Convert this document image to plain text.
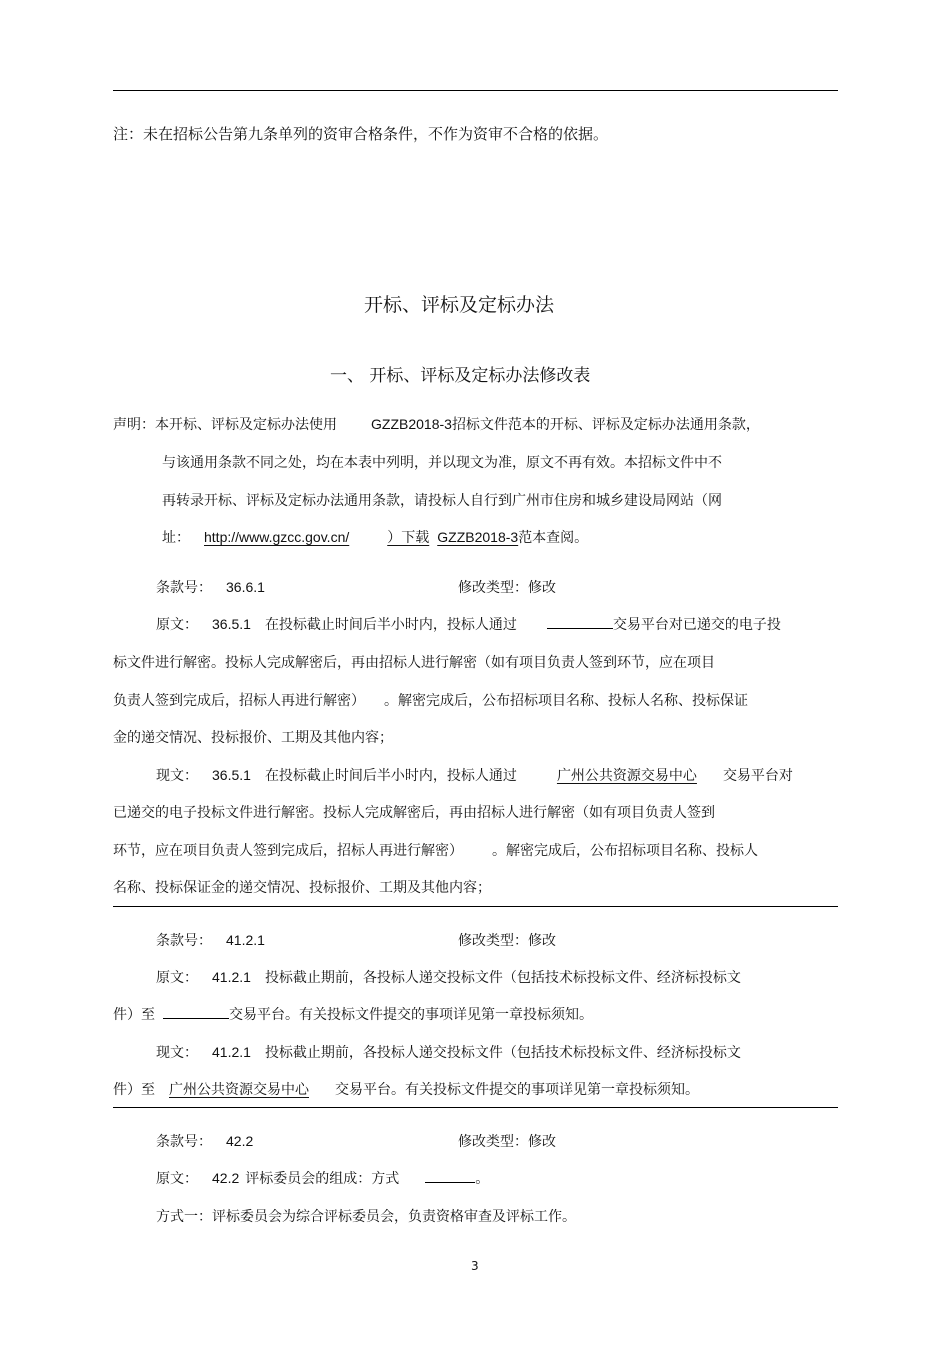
注：未在招标公告第九条单列的资审合格条件，不作为资审不合格的依据。
开标、评标及定标办法
一、 开标、评标及定标办法修改表
声明：本开标、评标及定标办法使用 GZZB2018-3招标文件范本的开标、评标及定标办法通用条款，
与该通用条款不同之处，均在本表中列明，并以现文为准，原文不再有效。本招标文件中不
再转录开标、评标及定标办法通用条款，请投标人自行到广州市住房和城乡建设局网站（网
址： http://www.gzcc.gov.cn/	）下载 GZZB2018-3范本查阅。
条款号： 36.6.1	修改类型：修改
原文： 36.5.1 在投标截止时间后半小时内，投标人通过	交易平台对已递交的电子投
标文件进行解密。投标人完成解密后，再由招标人进行解密（如有项目负责人签到环节，应在项目
负责人签到完成后，招标人再进行解密） 。解密完成后，公布招标项目名称、投标人名称、投标保证
金的递交情况、投标报价、工期及其他内容；
现文： 36.5.1 在投标截止时间后半小时内，投标人通过	广州公共资源交易中心 交易平台对
已递交的电子投标文件进行解密。投标人完成解密后，再由招标人进行解密（如有项目负责人签到
环节，应在项目负责人签到完成后，招标人再进行解密）	。解密完成后，公布招标项目名称、投标人
名称、投标保证金的递交情况、投标报价、工期及其他内容；
条款号： 41.2.1	修改类型：修改
原文： 41.2.1 投标截止期前，各投标人递交投标文件（包括技术标投标文件、经济标投标文
件）至	交易平台。有关投标文件提交的事项详见第一章投标须知。
现文： 41.2.1 投标截止期前，各投标人递交投标文件（包括技术标投标文件、经济标投标文
件）至 广州公共资源交易中心 交易平台。有关投标文件提交的事项详见第一章投标须知。
条款号： 42.2	修改类型：修改
原文： 42.2 评标委员会的组成：方式	。
方式一：评标委员会为综合评标委员会，负责资格审查及评标工作。
3
